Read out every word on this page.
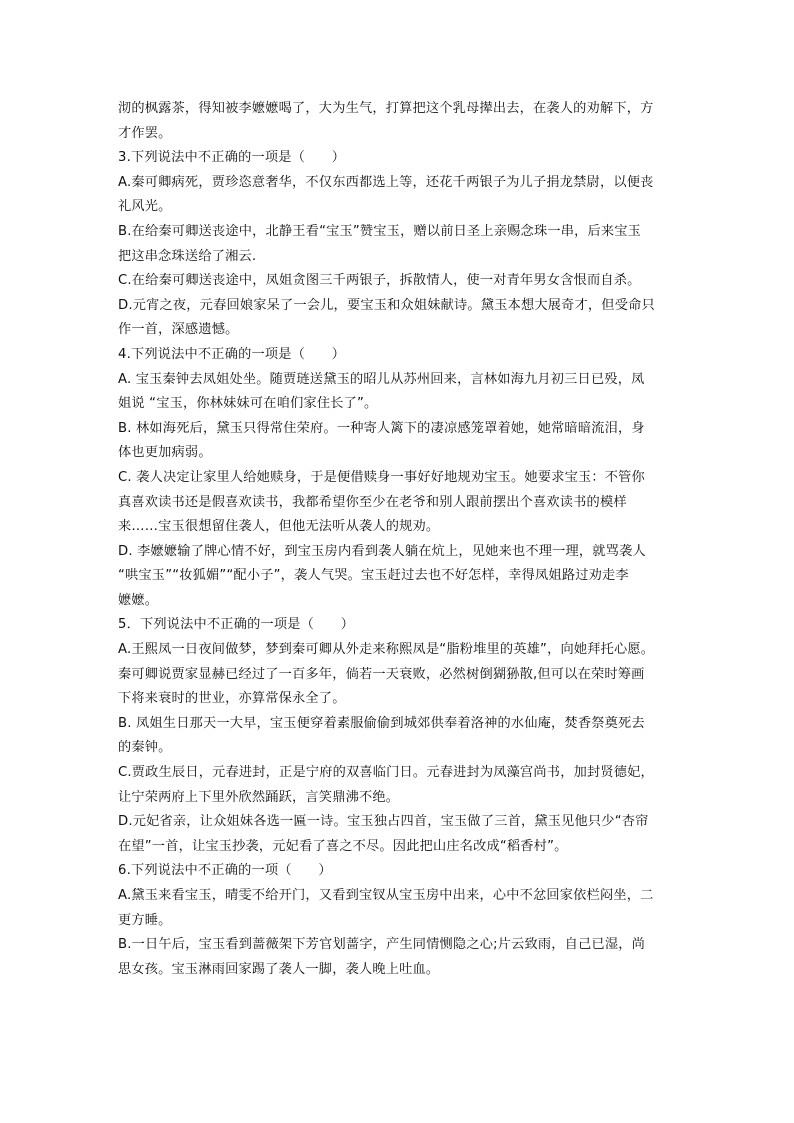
沏的枫露茶，得知被李嬷嬷喝了，大为生气，打算把这个乳母撵出去，在袭人的劝解下，方
才作罢。
3.下列说法中不正确的一项是（　　）
A.秦可卿病死，贾珍恣意奢华，不仅东西都选上等，还花千两银子为儿子捐龙禁尉，以便丧
礼风光。
B.在给秦可卿送丧途中，北静王看“宝玉”赞宝玉，赠以前日圣上亲赐念珠一串，后来宝玉
把这串念珠送给了湘云.
C.在给秦可卿送丧途中，凤姐贪图三千两银子，拆散情人，使一对青年男女含恨而自杀。
D.元宵之夜，元春回娘家呆了一会儿，要宝玉和众姐妹献诗。黛玉本想大展奇才，但受命只
作一首，深感遗憾。
4.下列说法中不正确的一项是（　　）
A. 宝玉秦钟去凤姐处坐。随贾琏送黛玉的昭儿从苏州回来，言林如海九月初三日已殁，凤
姐说 “宝玉，你林妹妹可在咱们家住长了”。
B. 林如海死后，黛玉只得常住荣府。一种寄人篱下的凄凉感笼罩着她，她常暗暗流泪，身
体也更加病弱。
C. 袭人决定让家里人给她赎身，于是便借赎身一事好好地规劝宝玉。她要求宝玉：不管你
真喜欢读书还是假喜欢读书，我都希望你至少在老爷和别人跟前摆出个喜欢读书的模样
来……宝玉很想留住袭人，但他无法听从袭人的规劝。
D. 李嬷嬷输了牌心情不好，到宝玉房内看到袭人躺在炕上，见她来也不理一理，就骂袭人
“哄宝玉”“妆狐媚”“配小子”，袭人气哭。宝玉赶过去也不好怎样，幸得凤姐路过劝走李
嬷嬷。
5．下列说法中不正确的一项是（　　）
A.王熙凤一日夜间做梦，梦到秦可卿从外走来称熙凤是“脂粉堆里的英雄”，向她拜托心愿。
秦可卿说贾家显赫已经过了一百多年，倘若一天衰败，必然树倒猢狲散,但可以在荣时筹画
下将来衰时的世业，亦算常保永全了。
B. 凤姐生日那天一大早，宝玉便穿着素服偷偷到城郊供奉着洛神的水仙庵，焚香祭奠死去
的秦钟。
C.贾政生辰日，元春进封，正是宁府的双喜临门日。元春进封为凤藻宫尚书，加封贤德妃，
让宁荣两府上下里外欣然踊跃，言笑鼎沸不绝。
D.元妃省亲，让众姐妹各选一匾一诗。宝玉独占四首，宝玉做了三首，黛玉见他只少“杏帘
在望”一首，让宝玉抄袭，元妃看了喜之不尽。因此把山庄名改成“稻香村”。
6.下列说法中不正确的一项（　　）
A.黛玉来看宝玉，晴雯不给开门，又看到宝钗从宝玉房中出来，心中不忿回家依栏闷坐，二
更方睡。
B.一日午后，宝玉看到蔷薇架下芳官划蔷字，产生同情恻隐之心;片云致雨，自己已湿，尚
思女孩。宝玉淋雨回家踢了袭人一脚，袭人晚上吐血。
